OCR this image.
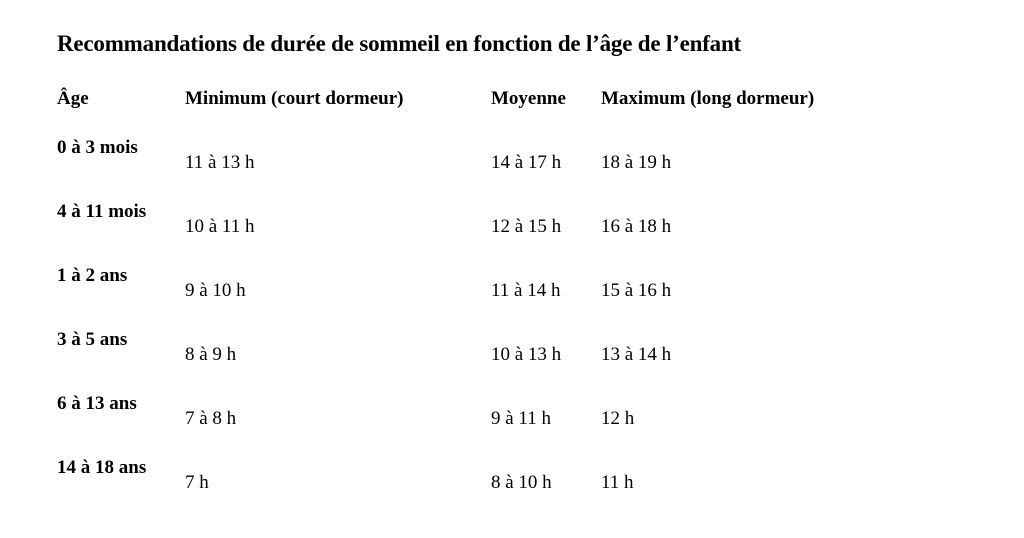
Recommandations de durée de sommeil en fonction de l’âge de l’enfant
Âge	Minimum (court dormeur)	Moyenne	Maximum (long dormeur)
0 à 3 mois	11 à 13 h	14 à 17 h	18 à 19 h
4 à 11 mois	10 à 11 h	12 à 15 h	16 à 18 h
1 à 2 ans	9 à 10 h	11 à 14 h	15 à 16 h
3 à 5 ans	8 à 9 h	10 à 13 h	13 à 14 h
6 à 13 ans	7 à 8 h	9 à 11 h	12 h
14 à 18 ans	7 h	8 à 10 h	11 h
